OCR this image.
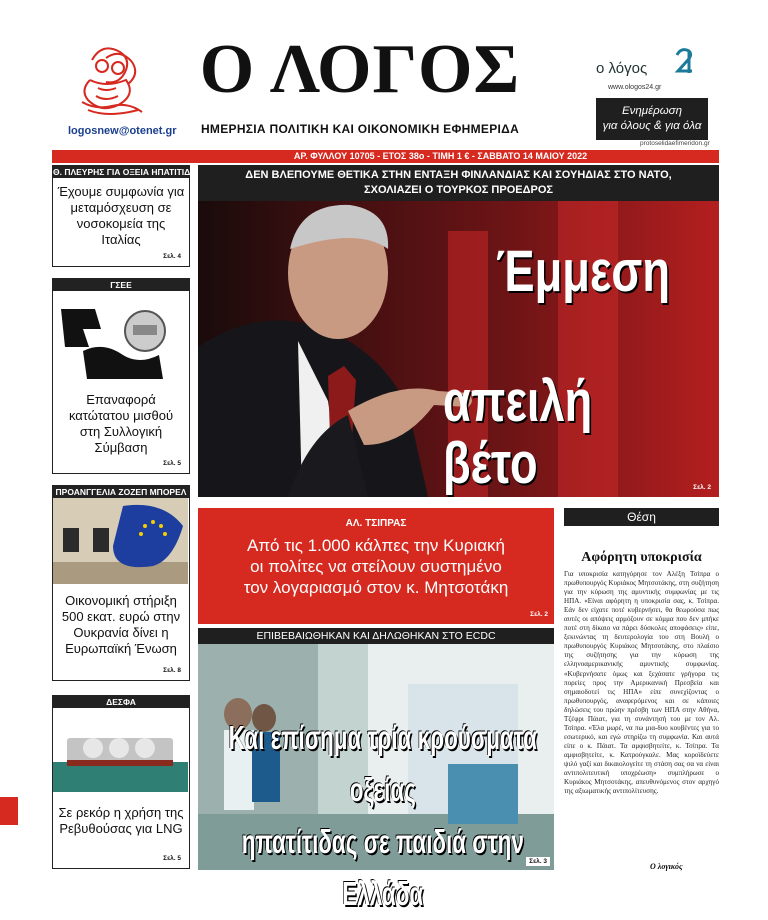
logosnew@otenet.gr
Ο ΛΟΓΟΣ
ΗΜΕΡΗΣΙΑ ΠΟΛΙΤΙΚΗ ΚΑΙ ΟΙΚΟΝΟΜΙΚΗ ΕΦΗΜΕΡΙΔΑ
ο λόγος
www.ologos24.gr
Ενημέρωση
για όλους & για όλα
protoselidaefimeridon.gr
ΑΡ. ΦΥΛΛΟΥ 10705 - ΕΤΟΣ 38ο - ΤΙΜΗ 1 € - ΣΑΒΒΑΤΟ 14 ΜΑΙΟΥ 2022
Θ. ΠΛΕΥΡΗΣ ΓΙΑ ΟΞΕΙΑ ΗΠΑΤΙΤΙΔΑ
Έχουμε συμφωνία για μεταμόσχευση σε νοσοκομεία της Ιταλίας
Σελ. 4
ΓΣΕΕ
Επαναφορά κατώτατου μισθού στη Συλλογική Σύμβαση
Σελ. 5
ΠΡΟΑΝΓΓΕΛΙΑ ΖΟΖΕΠ ΜΠΟΡΕΛ
Οικονομική στήριξη 500 εκατ. ευρώ στην Ουκρανία δίνει η Ευρωπαϊκή Ένωση
Σελ. 8
ΔΕΣΦΑ
Σε ρεκόρ η χρήση της Ρεβυθούσας για LNG
Σελ. 5
ΔΕΝ ΒΛΕΠΟΥΜΕ ΘΕΤΙΚΑ ΣΤΗΝ ΕΝΤΑΞΗ ΦΙΝΛΑΝΔΙΑΣ ΚΑΙ ΣΟΥΗΔΙΑΣ ΣΤΟ ΝΑΤΟ,
ΣΧΟΛΙΑΖΕΙ Ο ΤΟΥΡΚΟΣ ΠΡΟΕΔΡΟΣ
Έμμεση
απειλή βέτο	Σελ. 2
ΑΛ. ΤΣΙΠΡΑΣ
Από τις 1.000 κάλπες την Κυριακή
οι πολίτες να στείλουν συστημένο
τον λογαριασμό στον κ. Μητσοτάκη
Σελ. 2
Θέση
Αφόρητη υποκρισία
Για υποκρισία κατηγόρησε τον Αλέξη Τσίπρα ο πρωθυπουργός Κυριάκος Μητσοτάκης, στη συζήτηση για την κύρωση της αμυντικής συμφωνίας με τις ΗΠΑ. «Είναι αφόρητη η υποκρισία σας, κ. Τσίπρα. Εάν δεν είχατε ποτέ κυβερνήσει, θα θεωρούσα πως αυτές οι απόψεις αρμόζουν σε κόμμα που δεν μπήκε ποτέ στη δίκαιο να πάρει δύσκολες αποφάσεις» είπε, ξεκινώντας τη δευτερολογία του στη Βουλή ο πρωθυπουργός Κυριάκος Μητσοτάκης, στο πλαίσιο της συζήτησης για την κύρωση της ελληνοαμερικανικής αμυντικής συμφωνίας. «Κυβερνήσατε όμως και ξεχάσατε γρήγορα τις πορείες προς την Αμερικανική Πρεσβεία και σημαιοδοτεί τις ΗΠΑ» είπε συνεχίζοντας ο πρωθυπουργός, αναφερόμενος και σε κάποιες δηλώσεις του πρώην πρέσβη των ΗΠΑ στην Αθήνα, Τζέφρι Πάιατ, για τη συνάντησή του με τον Αλ. Τσίπρα. «Έλα μωρέ, να πω μια-δυο κουβέντες για το εσωτερικό, και εγώ στηρίζω τη συμφωνία. Και αυτά είπε ο κ. Πάιατ. Τα αμφισβητείτε, κ. Τσίπρα. Τα αμφισβητείτε, κ. Κατρούγκαλε. Μας κοροϊδεύετε ψιλό γαζί και δικαιολογείτε τη στάση σας σα να είναι αντιπολιτευτική υποχρέωση» συμπλήρωσε ο Κυριάκος Μητσοτάκης, απευθυνόμενος στον αρχηγό της αξιωματικής αντιπολίτευσης.
Ο λογικός
ΕΠΙΒΕΒΑΙΩΘΗΚΑΝ ΚΑΙ ΔΗΛΩΘΗΚΑΝ ΣΤΟ ECDC
Και επίσημα τρία κρούσματα οξείας
ηπατίτιδας σε παιδιά στην Ελλάδα
Σελ. 3
